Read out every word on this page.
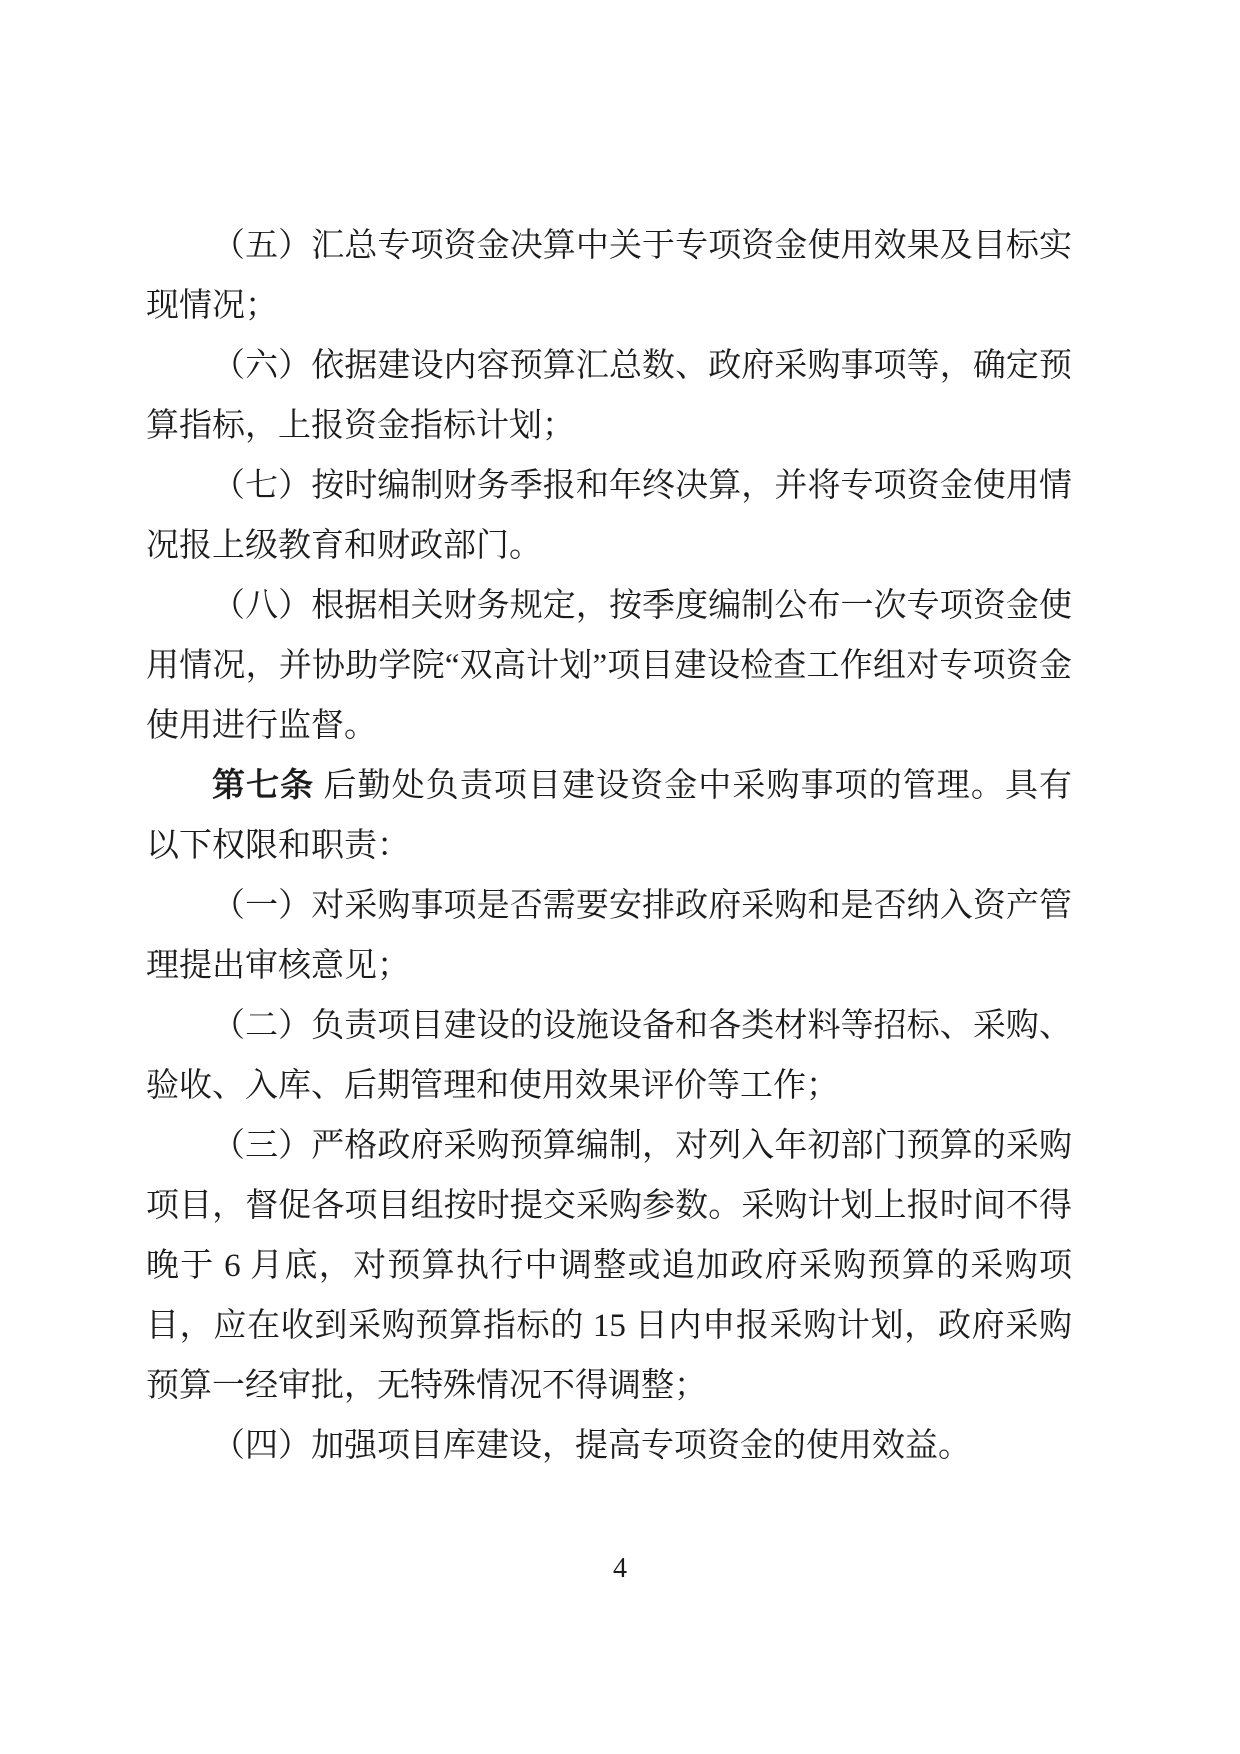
（五）汇总专项资金决算中关于专项资金使用效果及目标实现情况；

（六）依据建设内容预算汇总数、政府采购事项等，确定预算指标，上报资金指标计划；

（七）按时编制财务季报和年终决算，并将专项资金使用情况报上级教育和财政部门。

（八）根据相关财务规定，按季度编制公布一次专项资金使用情况，并协助学院“双高计划”项目建设检查工作组对专项资金使用进行监督。

第七条 后勤处负责项目建设资金中采购事项的管理。具有以下权限和职责：

（一）对采购事项是否需要安排政府采购和是否纳入资产管理提出审核意见；

（二）负责项目建设的设施设备和各类材料等招标、采购、验收、入库、后期管理和使用效果评价等工作；

（三）严格政府采购预算编制，对列入年初部门预算的采购项目，督促各项目组按时提交采购参数。采购计划上报时间不得晚于 6 月底，对预算执行中调整或追加政府采购预算的采购项目，应在收到采购预算指标的 15 日内申报采购计划，政府采购预算一经审批，无特殊情况不得调整；

（四）加强项目库建设，提高专项资金的使用效益。

4
